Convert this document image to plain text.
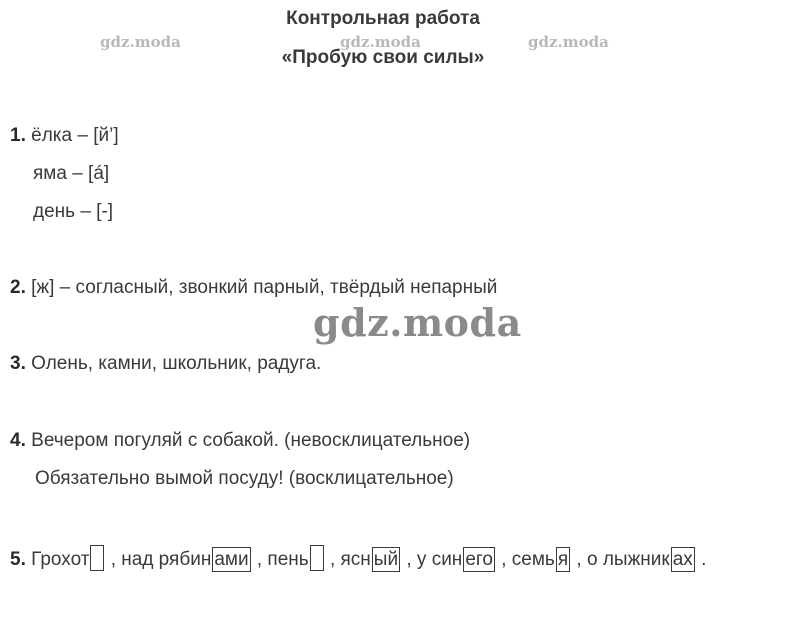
Контрольная работа
«Пробую свои силы»
gdz.moda	gdz.moda	gdz.moda
gdz.moda
1. ёлка – [й’]
яма – [á]
день – [-]
2. [ж] – согласный, звонкий парный, твёрдый непарный
3. Олень, камни, школьник, радуга.
4. Вечером погуляй с собакой. (невосклицательное)
Обязательно вымой посуду! (восклицательное)
5. Грохот , над рябин ами , пень , ясн ый , у син его , семь я , о лыжник ах .
